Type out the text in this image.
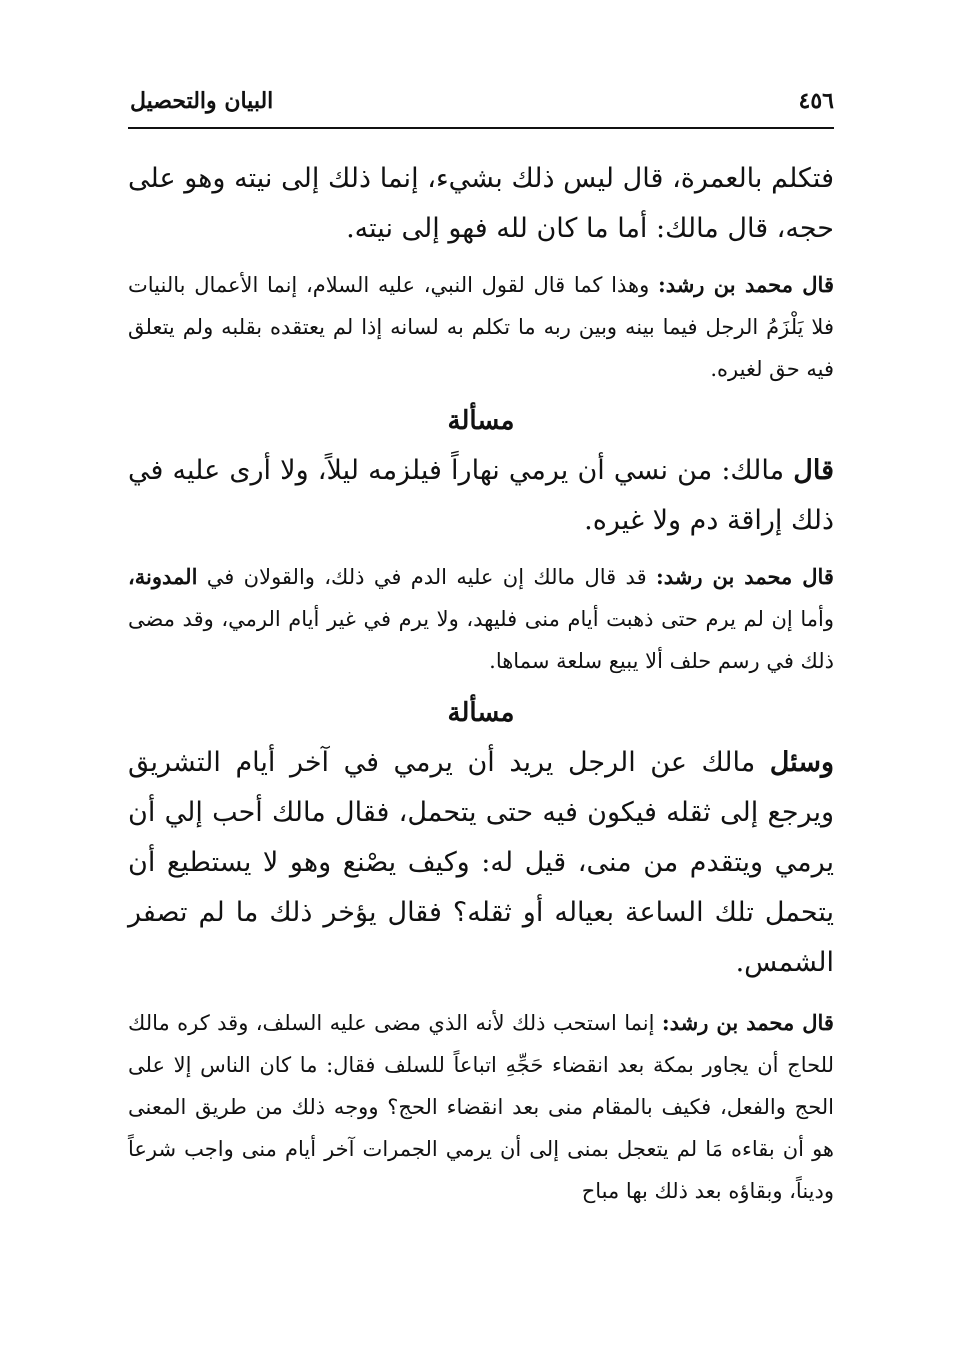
٤٥٦
البيان والتحصيل

فتكلم بالعمرة، قال ليس ذلك بشيء، إنما ذلك إلى نيته وهو على حجه، قال مالك: أما ما كان لله فهو إلى نيته.

قال محمد بن رشد: وهذا كما قال لقول النبي، عليه السلام، إنما الأعمال بالنيات فلا يَلْزَمُ الرجل فيما بينه وبين ربه ما تكلم به لسانه إذا لم يعتقده بقلبه ولم يتعلق فيه حق لغيره.

مسألة

قال مالك: من نسي أن يرمي نهاراً فيلزمه ليلاً، ولا أرى عليه في ذلك إراقة دم ولا غيره.

قال محمد بن رشد: قد قال مالك إن عليه الدم في ذلك، والقولان في المدونة، وأما إن لم يرم حتى ذهبت أيام منى فليهد، ولا يرم في غير أيام الرمي، وقد مضى ذلك في رسم حلف ألا يبيع سلعة سماها.

مسألة

وسئل مالك عن الرجل يريد أن يرمي في آخر أيام التشريق ويرجع إلى ثقله فيكون فيه حتى يتحمل، فقال مالك أحب إلي أن يرمي ويتقدم من منى، قيل له: وكيف يصْنع وهو لا يستطيع أن يتحمل تلك الساعة بعياله أو ثقله؟ فقال يؤخر ذلك ما لم تصفر الشمس.

قال محمد بن رشد: إنما استحب ذلك لأنه الذي مضى عليه السلف، وقد كره مالك للحاج أن يجاور بمكة بعد انقضاء حَجِّهِ اتباعاً للسلف فقال: ما كان الناس إلا على الحج والفعل، فكيف بالمقام منى بعد انقضاء الحج؟ ووجه ذلك من طريق المعنى هو أن بقاءه مَا لم يتعجل بمنى إلى أن يرمي الجمرات آخر أيام منى واجب شرعاً وديناً، وبقاؤه بعد ذلك بها مباح
